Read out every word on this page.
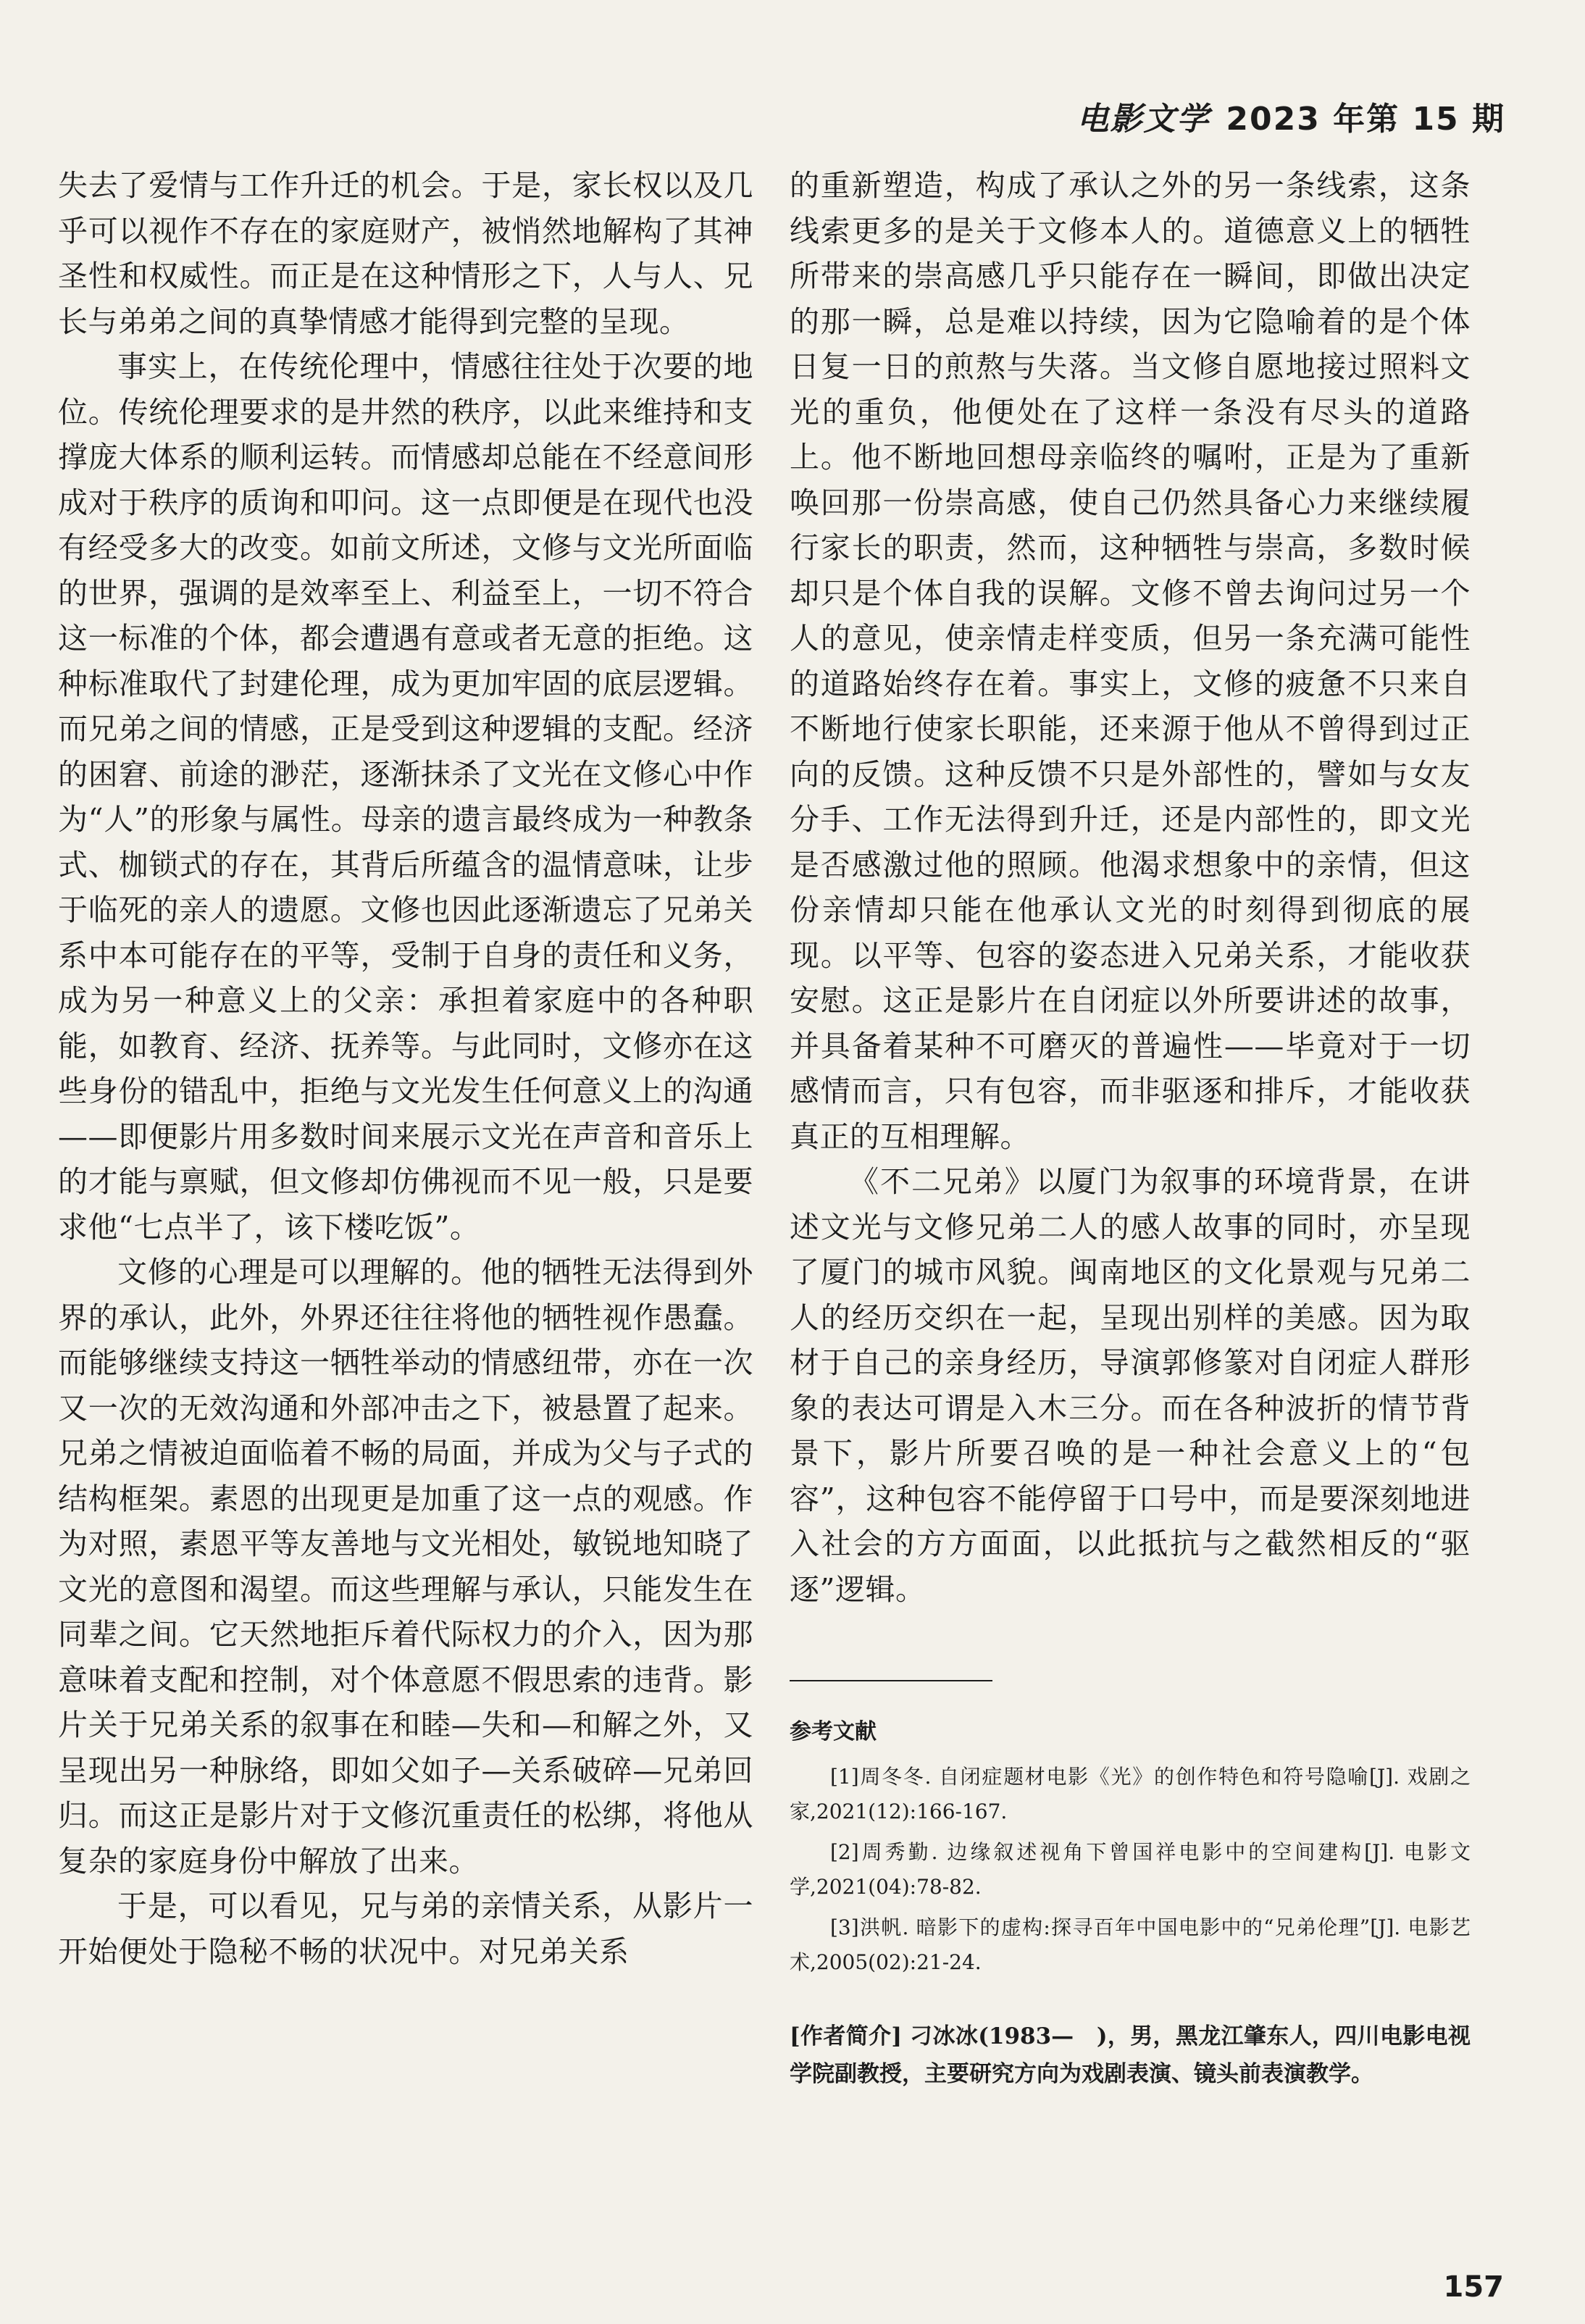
电影文学 2023 年第 15 期

失去了爱情与工作升迁的机会。于是，家长权以及几乎可以视作不存在的家庭财产，被悄然地解构了其神圣性和权威性。而正是在这种情形之下，人与人、兄长与弟弟之间的真挚情感才能得到完整的呈现。

事实上，在传统伦理中，情感往往处于次要的地位。传统伦理要求的是井然的秩序，以此来维持和支撑庞大体系的顺利运转。而情感却总能在不经意间形成对于秩序的质询和叩问。这一点即便是在现代也没有经受多大的改变。如前文所述，文修与文光所面临的世界，强调的是效率至上、利益至上，一切不符合这一标准的个体，都会遭遇有意或者无意的拒绝。这种标准取代了封建伦理，成为更加牢固的底层逻辑。而兄弟之间的情感，正是受到这种逻辑的支配。经济的困窘、前途的渺茫，逐渐抹杀了文光在文修心中作为“人”的形象与属性。母亲的遗言最终成为一种教条式、枷锁式的存在，其背后所蕴含的温情意味，让步于临死的亲人的遗愿。文修也因此逐渐遗忘了兄弟关系中本可能存在的平等，受制于自身的责任和义务，成为另一种意义上的父亲：承担着家庭中的各种职能，如教育、经济、抚养等。与此同时，文修亦在这些身份的错乱中，拒绝与文光发生任何意义上的沟通——即便影片用多数时间来展示文光在声音和音乐上的才能与禀赋，但文修却仿佛视而不见一般，只是要求他“七点半了，该下楼吃饭”。

文修的心理是可以理解的。他的牺牲无法得到外界的承认，此外，外界还往往将他的牺牲视作愚蠢。而能够继续支持这一牺牲举动的情感纽带，亦在一次又一次的无效沟通和外部冲击之下，被悬置了起来。兄弟之情被迫面临着不畅的局面，并成为父与子式的结构框架。素恩的出现更是加重了这一点的观感。作为对照，素恩平等友善地与文光相处，敏锐地知晓了文光的意图和渴望。而这些理解与承认，只能发生在同辈之间。它天然地拒斥着代际权力的介入，因为那意味着支配和控制，对个体意愿不假思索的违背。影片关于兄弟关系的叙事在和睦—失和—和解之外，又呈现出另一种脉络，即如父如子—关系破碎—兄弟回归。而这正是影片对于文修沉重责任的松绑，将他从复杂的家庭身份中解放了出来。

于是，可以看见，兄与弟的亲情关系，从影片一开始便处于隐秘不畅的状况中。对兄弟关系

的重新塑造，构成了承认之外的另一条线索，这条线索更多的是关于文修本人的。道德意义上的牺牲所带来的崇高感几乎只能存在一瞬间，即做出决定的那一瞬，总是难以持续，因为它隐喻着的是个体日复一日的煎熬与失落。当文修自愿地接过照料文光的重负，他便处在了这样一条没有尽头的道路上。他不断地回想母亲临终的嘱咐，正是为了重新唤回那一份崇高感，使自己仍然具备心力来继续履行家长的职责，然而，这种牺牲与崇高，多数时候却只是个体自我的误解。文修不曾去询问过另一个人的意见，使亲情走样变质，但另一条充满可能性的道路始终存在着。事实上，文修的疲惫不只来自不断地行使家长职能，还来源于他从不曾得到过正向的反馈。这种反馈不只是外部性的，譬如与女友分手、工作无法得到升迁，还是内部性的，即文光是否感激过他的照顾。他渴求想象中的亲情，但这份亲情却只能在他承认文光的时刻得到彻底的展现。以平等、包容的姿态进入兄弟关系，才能收获安慰。这正是影片在自闭症以外所要讲述的故事，并具备着某种不可磨灭的普遍性——毕竟对于一切感情而言，只有包容，而非驱逐和排斥，才能收获真正的互相理解。

《不二兄弟》以厦门为叙事的环境背景，在讲述文光与文修兄弟二人的感人故事的同时，亦呈现了厦门的城市风貌。闽南地区的文化景观与兄弟二人的经历交织在一起，呈现出别样的美感。因为取材于自己的亲身经历，导演郭修篆对自闭症人群形象的表达可谓是入木三分。而在各种波折的情节背景下，影片所要召唤的是一种社会意义上的“包容”，这种包容不能停留于口号中，而是要深刻地进入社会的方方面面，以此抵抗与之截然相反的“驱逐”逻辑。

参考文献
[1]周冬冬. 自闭症题材电影《光》的创作特色和符号隐喻[J]. 戏剧之家,2021(12):166-167.
[2]周秀勤. 边缘叙述视角下曾国祥电影中的空间建构[J]. 电影文学,2021(04):78-82.
[3]洪帆. 暗影下的虚构:探寻百年中国电影中的“兄弟伦理”[J]. 电影艺术,2005(02):21-24.
[作者简介] 刁冰冰(1983—　)，男，黑龙江肇东人，四川电影电视学院副教授，主要研究方向为戏剧表演、镜头前表演教学。
157
